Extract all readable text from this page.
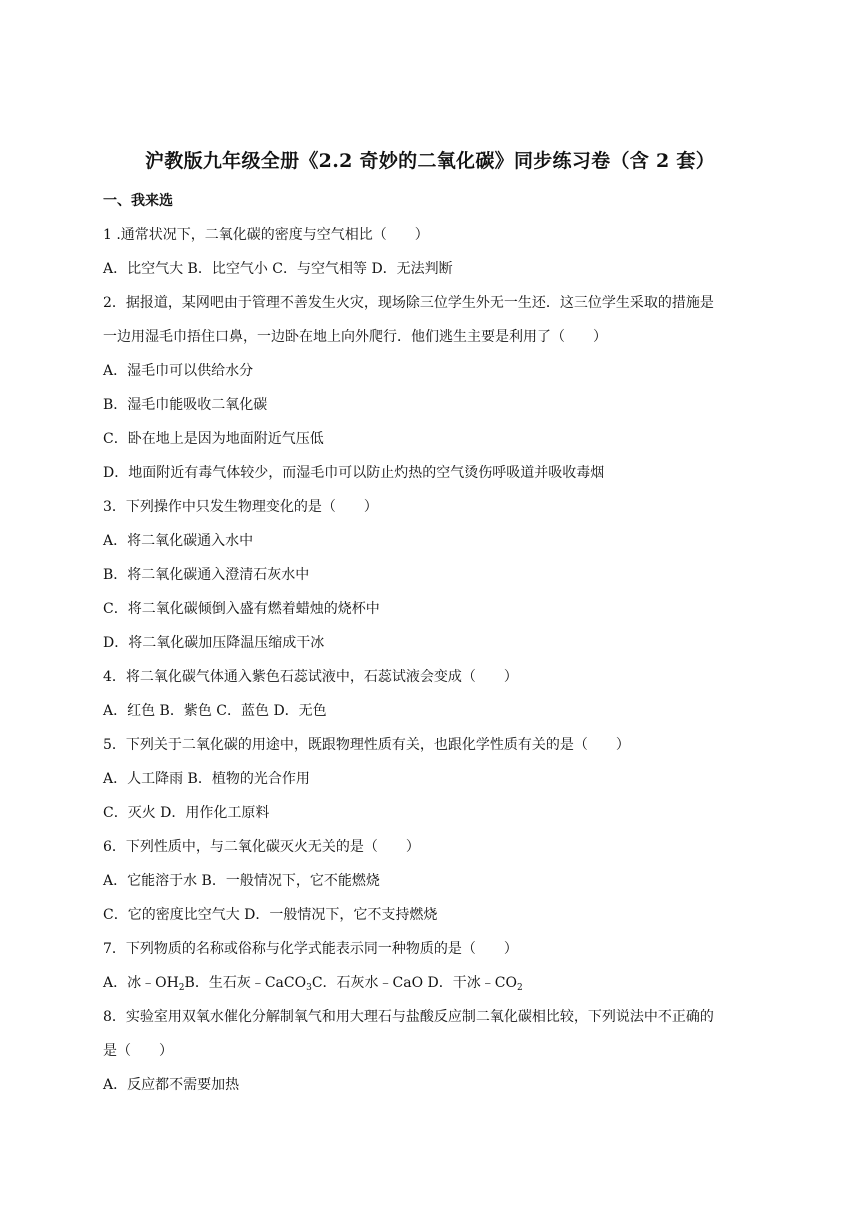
沪教版九年级全册《2.2 奇妙的二氧化碳》同步练习卷（含 2 套）
一、我来选
1 .通常状况下，二氧化碳的密度与空气相比（　　）
A．比空气大 B．比空气小 C．与空气相等 D．无法判断
2．据报道，某网吧由于管理不善发生火灾，现场除三位学生外无一生还．这三位学生采取的措施是
一边用湿毛巾捂住口鼻，一边卧在地上向外爬行．他们逃生主要是利用了（　　）
A．湿毛巾可以供给水分
B．湿毛巾能吸收二氧化碳
C．卧在地上是因为地面附近气压低
D．地面附近有毒气体较少，而湿毛巾可以防止灼热的空气烫伤呼吸道并吸收毒烟
3．下列操作中只发生物理变化的是（　　）
A．将二氧化碳通入水中
B．将二氧化碳通入澄清石灰水中
C．将二氧化碳倾倒入盛有燃着蜡烛的烧杯中
D．将二氧化碳加压降温压缩成干冰
4．将二氧化碳气体通入紫色石蕊试液中，石蕊试液会变成（　　）
A．红色 B．紫色 C．蓝色 D．无色
5．下列关于二氧化碳的用途中，既跟物理性质有关，也跟化学性质有关的是（　　）
A．人工降雨 B．植物的光合作用
C．灭火 D．用作化工原料
6．下列性质中，与二氧化碳灭火无关的是（　　）
A．它能溶于水 B．一般情况下，它不能燃烧
C．它的密度比空气大 D．一般情况下，它不支持燃烧
7．下列物质的名称或俗称与化学式能表示同一种物质的是（　　）
A．冰$﹣OH_2B$．生石灰﹣CaCO$_3$C．石灰水﹣CaO D．干冰$﹣CO_2$
8．实验室用双氧水催化分解制氧气和用大理石与盐酸反应制二氧化碳相比较，下列说法中不正确的
是（　　）
A．反应都不需要加热
